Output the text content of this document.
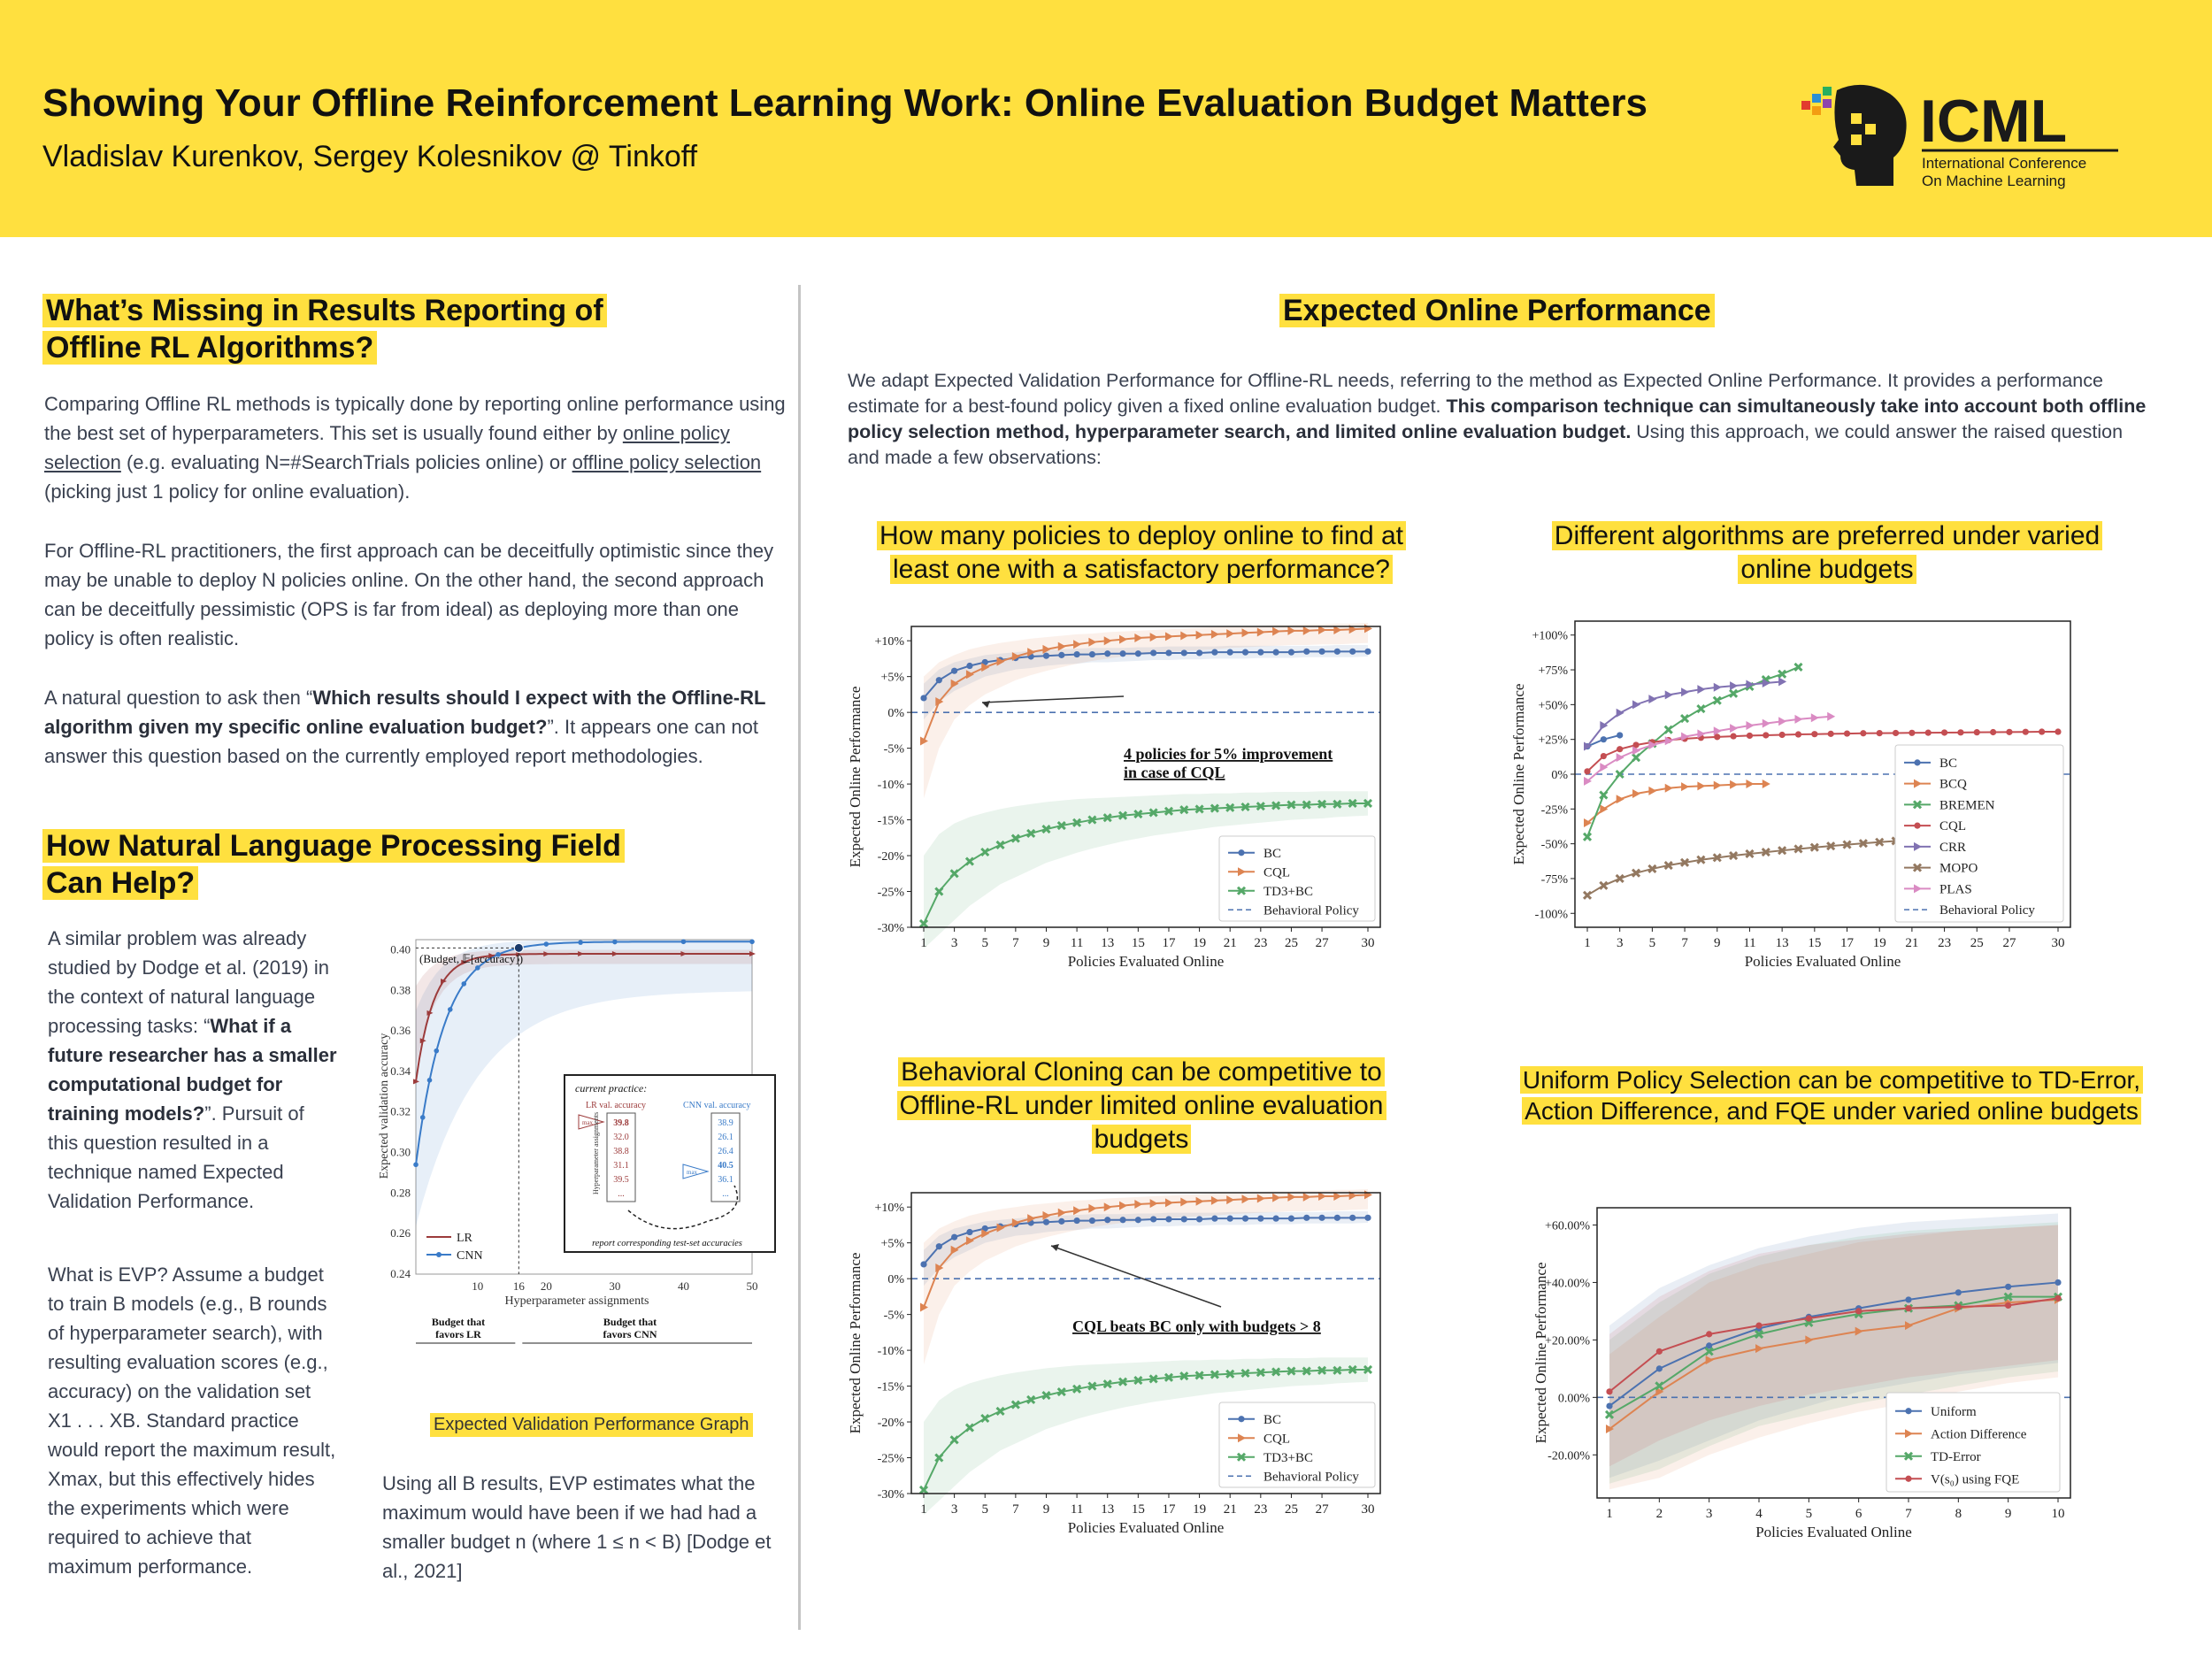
Showing Your Offline Reinforcement Learning Work: Online Evaluation Budget Matters
Vladislav Kurenkov, Sergey Kolesnikov @ Tinkoff
ICML
International Conference
On Machine Learning
What’s Missing in Results Reporting of
Offline RL Algorithms?
Comparing Offline RL methods is typically done by reporting online performance using the best set of hyperparameters. This set is usually found either by online policy selection (e.g. evaluating N=#SearchTrials policies online) or offline policy selection (picking just 1 policy for online evaluation).
For Offline-RL practitioners, the first approach can be deceitfully optimistic since they may be unable to deploy N policies online. On the other hand, the second approach can be deceitfully pessimistic (OPS is far from ideal) as deploying more than one policy is often realistic.
A natural question to ask then “Which results should I expect with the Offline-RL algorithm given my specific online evaluation budget?”. It appears one can not answer this question based on the currently employed report methodologies.
How Natural Language Processing Field
Can Help?
A similar problem was already studied by Dodge et al. (2019) in the context of natural language processing tasks: “What if a future researcher has a smaller computational budget for training models?”. Pursuit of this question resulted in a technique named Expected Validation Performance.
What is EVP? Assume a budget to train B models (e.g., B rounds of hyperparameter search), with resulting evaluation scores (e.g., accuracy) on the validation set X1 . . . XB. Standard practice would report the maximum result, Xmax, but this effectively hides the experiments which were required to achieve that maximum performance.
(Budget, 𝔼[accuracy])
0.40
0.38
0.36
0.34
0.32
0.30
0.28
0.26
0.24
10	16 20	30	40	50
Hyperparameter assignments
Expected validation accuracy
LR
CNN
current practice:
LR val. accuracy	CNN val. accuracy
39.8
32.0
38.8
31.1
39.5
...
38.9
26.1
26.4
40.5
36.1
...
max
max
Hyperparameter assignments
report corresponding test-set accuracies
Budget that
favors LR
Budget that
favors CNN
Expected Validation Performance Graph
Using all B results, EVP estimates what the maximum would have been if we had had a smaller budget n (where 1 ≤ n < B) [Dodge et al., 2021]
Expected Online Performance
We adapt Expected Validation Performance for Offline-RL needs, referring to the method as Expected Online Performance. It provides a performance estimate for a best-found policy given a fixed online evaluation budget. This comparison technique can simultaneously take into account both offline policy selection method, hyperparameter search, and limited online evaluation budget. Using this approach, we could answer the raised question and made a few observations:
How many policies to deploy online to find at
least one with a satisfactory performance?
Different algorithms are preferred under varied
online budgets
Behavioral Cloning can be competitive to
Offline-RL under limited online evaluation
budgets
Uniform Policy Selection can be competitive to TD-Error,
Action Difference, and FQE under varied online budgets
-30%
-25%
-20%
-15%
-10%
-5%
0%
+5%
+10%
1 3 5 7 9 11 13 15 17 19 21 23 25 27 30
Policies Evaluated Online
Expected Online Performance	BC
CQL
TD3+BC
Behavioral Policy
4 policies for 5% improvement
in case of CQL
-100%
-75%
-50%
-25%
0%
+25%
+50%
+75%
+100%
1 3 5 7 9 11 13 15 17 19 21 23 25 27	30
Policies Evaluated Online
Expected Online Performance	BC
BCQ
BREMEN
CQL
CRR
MOPO
PLAS
Behavioral Policy
-30%
-25%
-20%
-15%
-10%
-5%
0%
+5%
+10%
1 3 5 7 9 11 13 15 17 19 21 23 25 27 30
Policies Evaluated Online
Expected Online Performance	BC
CQL
TD3+BC
Behavioral Policy
CQL beats BC only with budgets > 8
-20.00%
0.00%
+20.00%
+40.00%
+60.00%
1	2	3	4	5	6	7	8	9	10
Policies Evaluated Online
Expected Online Performance	Uniform
Action Difference
TD-Error
V(s₀) using FQE
